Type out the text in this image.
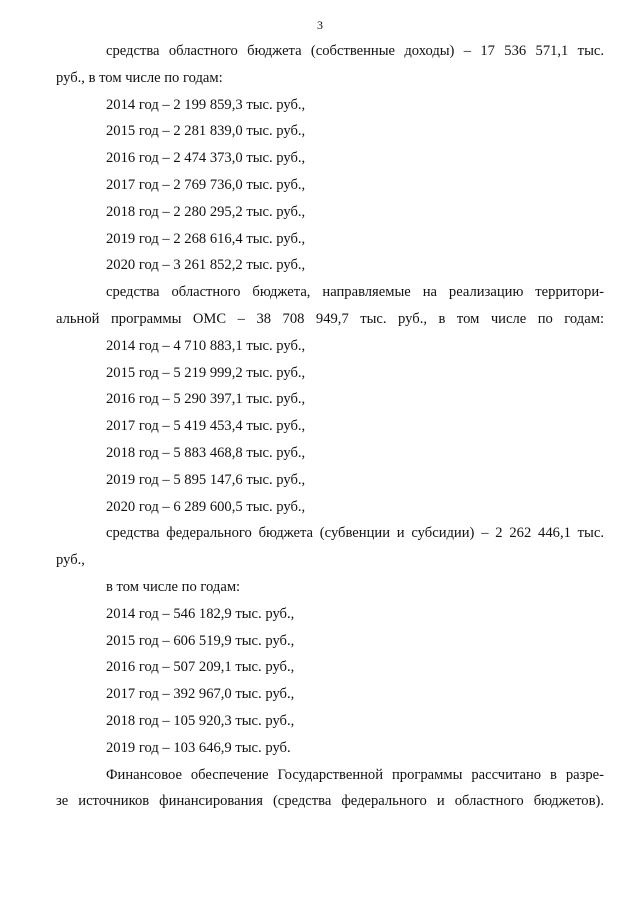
3
средства областного бюджета (собственные доходы) – 17 536 571,1 тыс.
руб., в том числе по годам:
2014 год – 2 199 859,3 тыс. руб.,
2015 год – 2 281 839,0 тыс. руб.,
2016 год – 2 474 373,0 тыс. руб.,
2017 год – 2 769 736,0 тыс. руб.,
2018 год – 2 280 295,2 тыс. руб.,
2019 год – 2 268 616,4 тыс. руб.,
2020 год – 3 261 852,2 тыс. руб.,
средства областного бюджета, направляемые на реализацию территори-
альной программы ОМС – 38 708 949,7 тыс. руб., в том числе по годам:
2014 год – 4 710 883,1 тыс. руб.,
2015 год – 5 219 999,2 тыс. руб.,
2016 год – 5 290 397,1 тыс. руб.,
2017 год – 5 419 453,4 тыс. руб.,
2018 год – 5 883 468,8 тыс. руб.,
2019 год – 5 895 147,6 тыс. руб.,
2020 год – 6 289 600,5 тыс. руб.,
средства федерального бюджета (субвенции и субсидии) – 2 262 446,1 тыс.
руб.,
в том числе по годам:
2014 год – 546 182,9 тыс. руб.,
2015 год – 606 519,9 тыс. руб.,
2016 год – 507 209,1 тыс. руб.,
2017 год – 392 967,0 тыс. руб.,
2018 год – 105 920,3 тыс. руб.,
2019 год – 103 646,9 тыс. руб.
Финансовое обеспечение Государственной программы рассчитано в разре-
зе источников финансирования (средства федерального и областного бюджетов).
